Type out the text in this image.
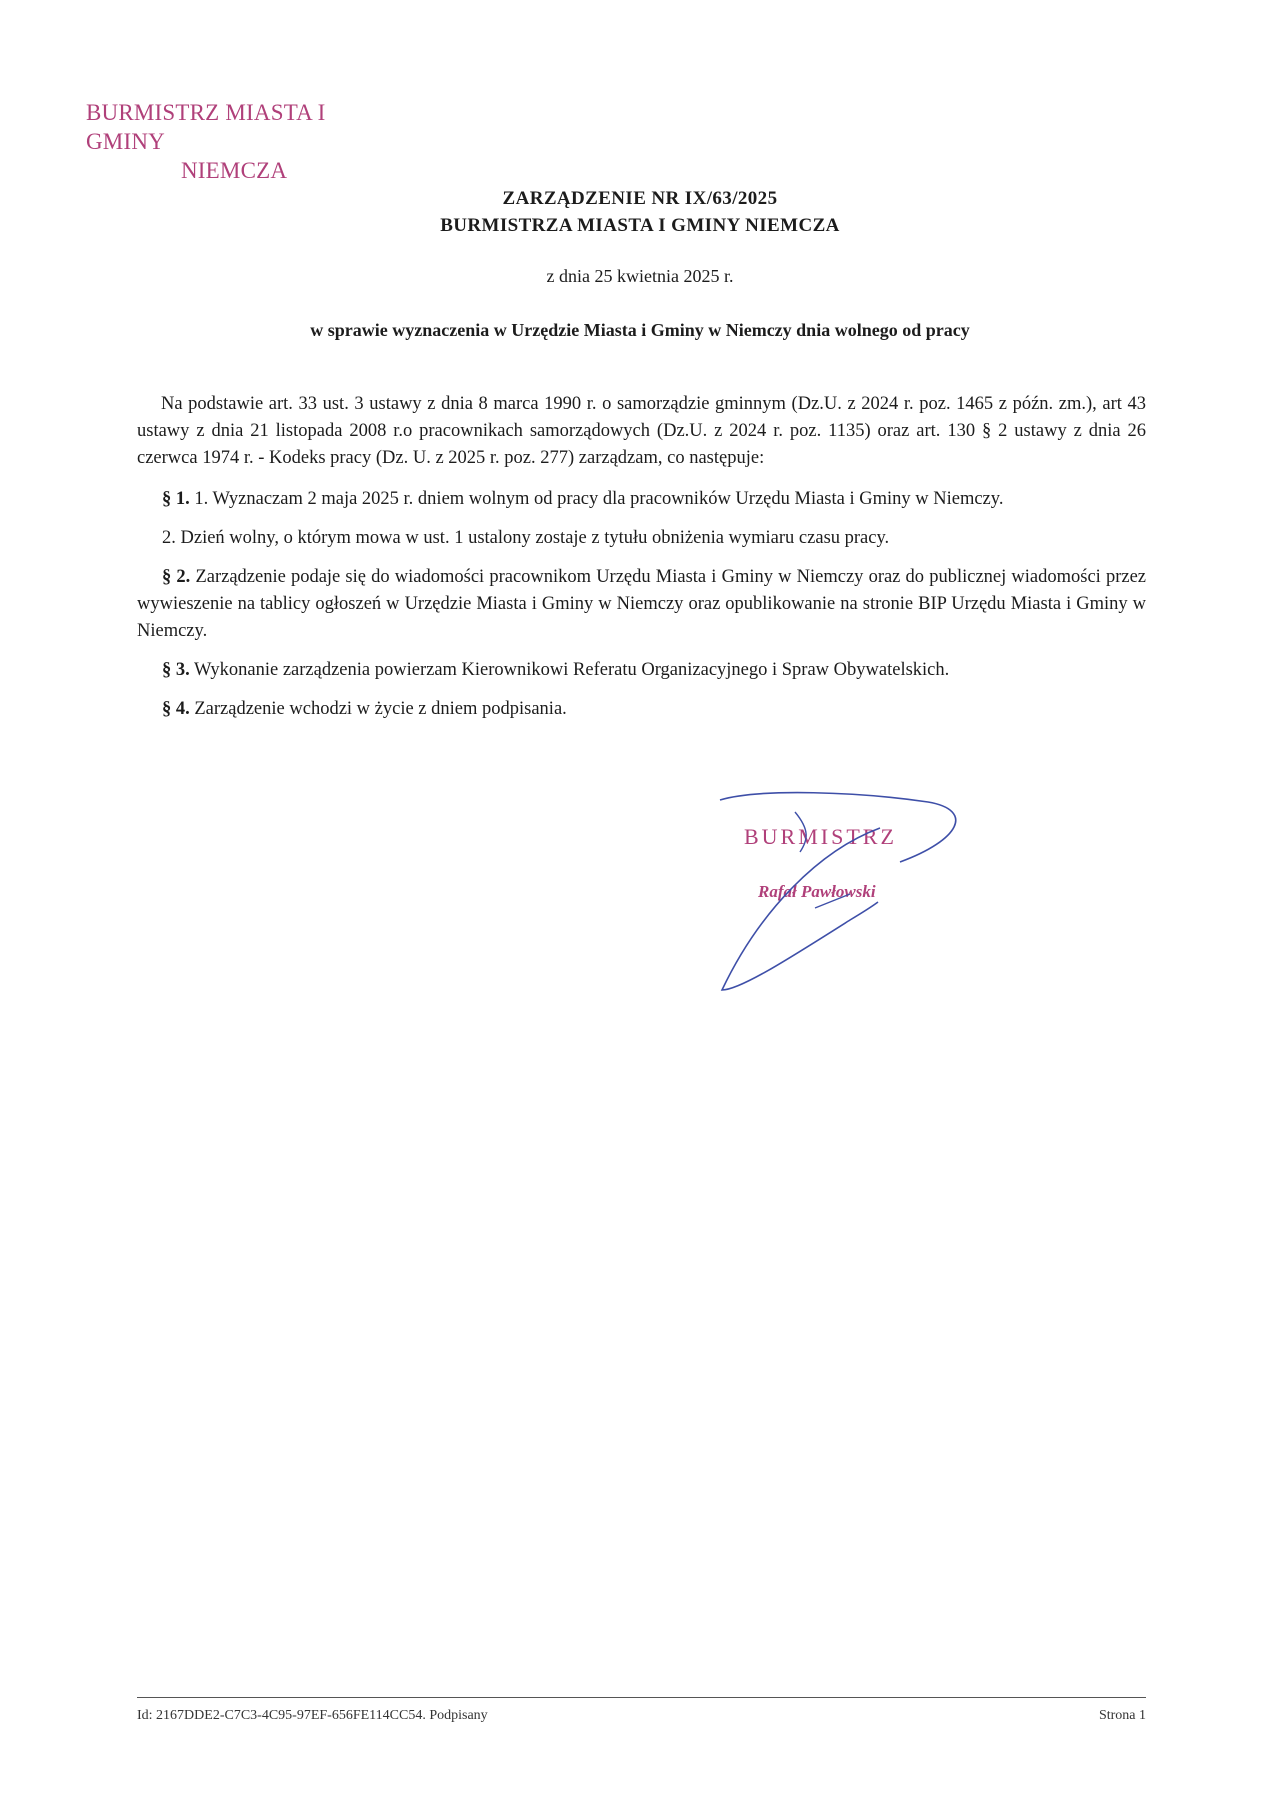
BURMISTRZ MIASTA I GMINY
NIEMCZA
ZARZĄDZENIE NR IX/63/2025
BURMISTRZA MIASTA I GMINY NIEMCZA
z dnia 25 kwietnia 2025 r.
w sprawie wyznaczenia w Urzędzie Miasta i Gminy w Niemczy dnia wolnego od pracy

Na podstawie art. 33 ust. 3 ustawy z dnia 8 marca 1990 r. o samorządzie gminnym (Dz.U. z 2024 r. poz. 1465 z późn. zm.), art 43 ustawy z dnia 21 listopada 2008 r.o pracownikach samorządowych (Dz.U. z 2024 r. poz. 1135) oraz art. 130 § 2 ustawy z dnia 26 czerwca 1974 r. - Kodeks pracy (Dz. U. z 2025 r. poz. 277) zarządzam, co następuje:

§ 1. 1. Wyznaczam 2 maja 2025 r. dniem wolnym od pracy dla pracowników Urzędu Miasta i Gminy w Niemczy.

2. Dzień wolny, o którym mowa w ust. 1 ustalony zostaje z tytułu obniżenia wymiaru czasu pracy.

§ 2. Zarządzenie podaje się do wiadomości pracownikom Urzędu Miasta i Gminy w Niemczy oraz do publicznej wiadomości przez wywieszenie na tablicy ogłoszeń w Urzędzie Miasta i Gminy w Niemczy oraz opublikowanie na stronie BIP Urzędu Miasta i Gminy w Niemczy.

§ 3. Wykonanie zarządzenia powierzam Kierownikowi Referatu Organizacyjnego i Spraw Obywatelskich.

§ 4. Zarządzenie wchodzi w życie z dniem podpisania.

BURMISTRZ
Rafał Pawłowski
Id: 2167DDE2-C7C3-4C95-97EF-656FE114CC54. Podpisany	Strona 1
